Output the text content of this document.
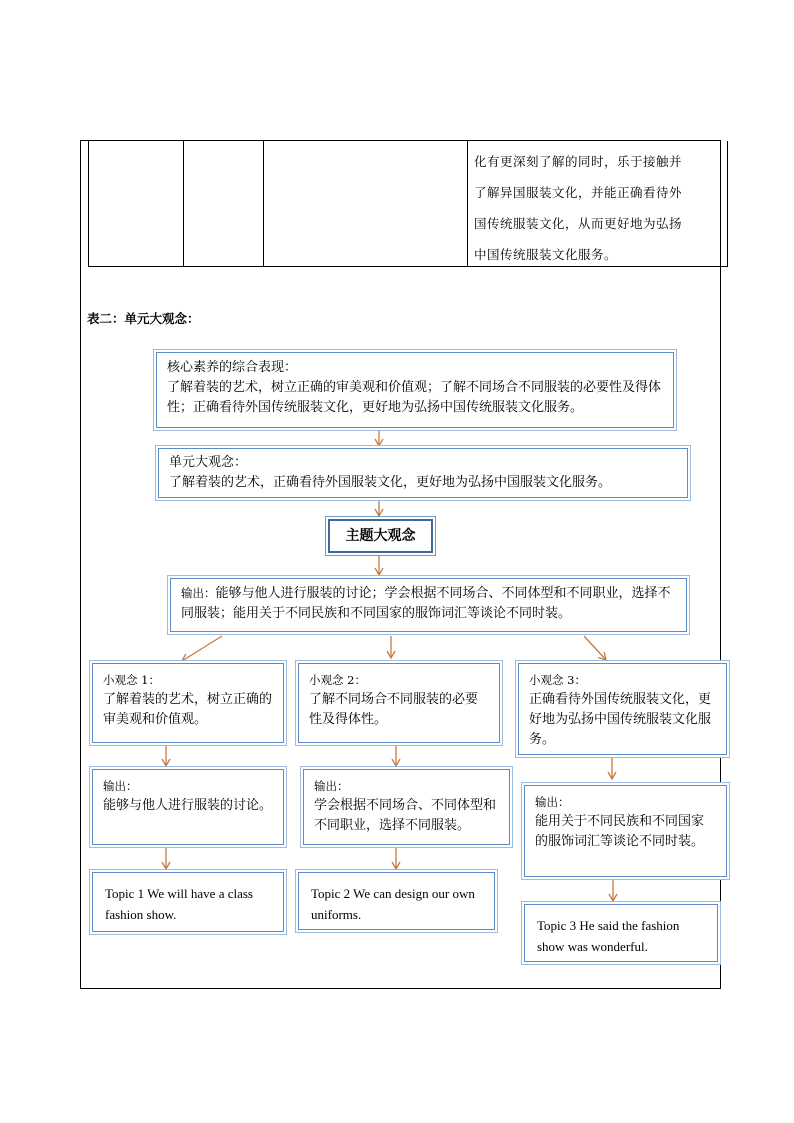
化有更深刻了解的同时，乐于接触并
了解异国服装文化，并能正确看待外
国传统服装文化，从而更好地为弘扬
中国传统服装文化服务。
表二：单元大观念：
核心素养的综合表现：
了解着装的艺术，树立正确的审美观和价值观；了解不同场合不同服装的必要性及得体性；正确看待外国传统服装文化，更好地为弘扬中国传统服装文化服务。
单元大观念：
了解着装的艺术，正确看待外国服装文化，更好地为弘扬中国服装文化服务。
主题大观念
输出：能够与他人进行服装的讨论；学会根据不同场合、不同体型和不同职业，选择不同服装；能用关于不同民族和不同国家的服饰词汇等谈论不同时装。
小观念 1：
了解着装的艺术，树立正确的审美观和价值观。
小观念 2：
了解不同场合不同服装的必要性及得体性。
小观念 3：
正确看待外国传统服装文化，更好地为弘扬中国传统服装文化服务。
输出：
能够与他人进行服装的讨论。
输出：
学会根据不同场合、不同体型和不同职业，选择不同服装。
输出：
能用关于不同民族和不同国家的服饰词汇等谈论不同时装。
Topic 1 We will have a class fashion show.
Topic 2 We can design our own uniforms.
Topic 3 He said the fashion show was wonderful.
